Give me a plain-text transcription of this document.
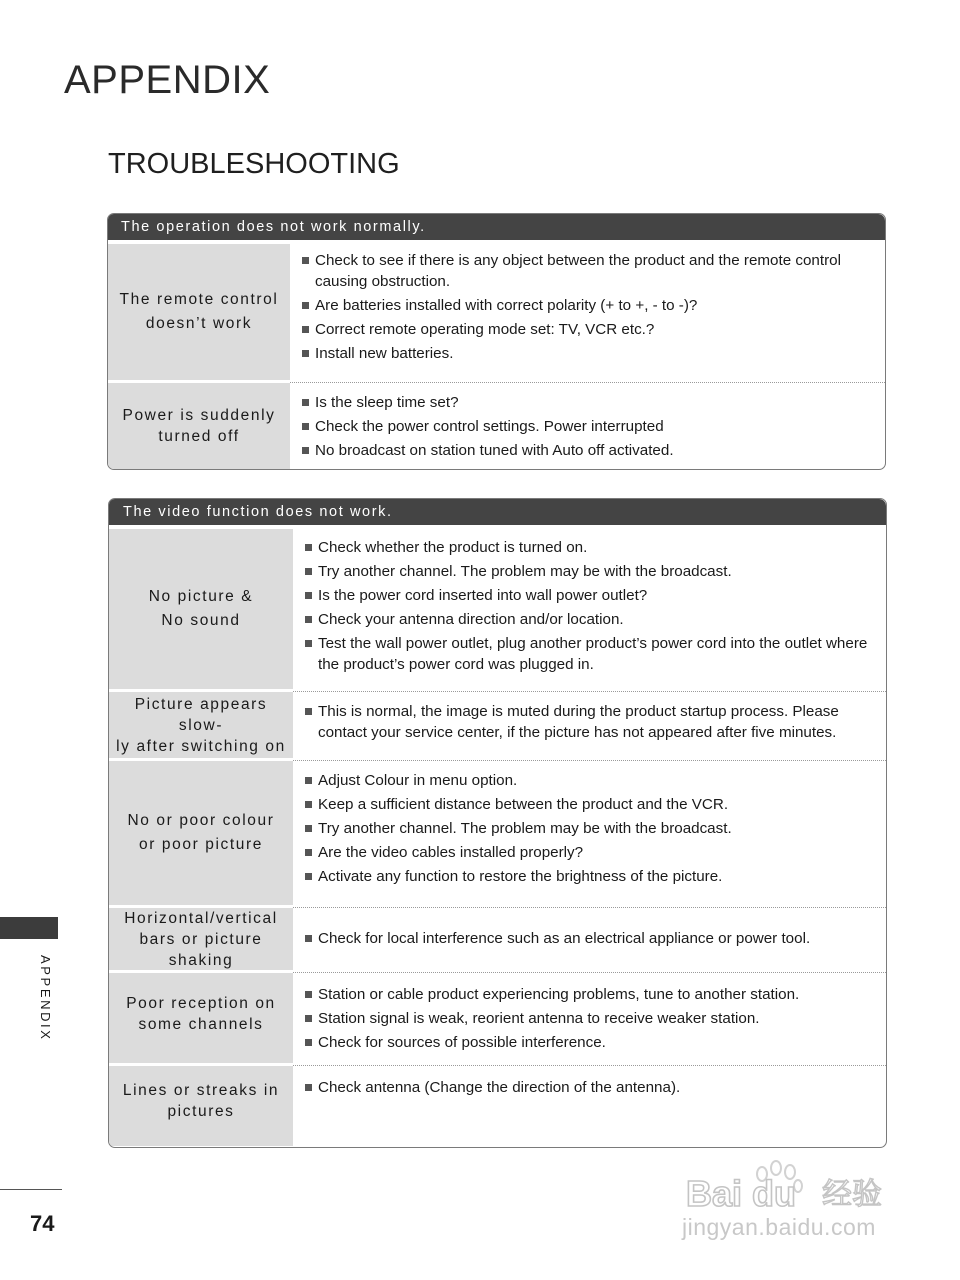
APPENDIX
TROUBLESHOOTING
The operation does not work normally.
The remote control
doesn’t work
Check to see if there is any object between the product and the remote control causing obstruction.
Are batteries installed with correct polarity (+ to +, - to -)?
Correct remote operating mode set: TV, VCR etc.?
Install new batteries.
Power is suddenly
turned off
Is the sleep time set?
Check the power control settings. Power interrupted
No broadcast on station tuned with Auto off activated.
The video function does not work.
No picture &
No sound
Check whether the product is turned on.
Try another channel. The problem may be with the broadcast.
Is the power cord inserted into wall power outlet?
Check your antenna direction and/or location.
Test the wall power outlet, plug another product’s power cord into the outlet where the product’s power cord was plugged in.
Picture appears slow-
ly after switching on
This is normal, the image is muted during the product startup process. Please contact your service center, if the picture has not appeared after five minutes.
No or poor colour
or poor picture
Adjust Colour in menu option.
Keep a sufficient distance between the product and the VCR.
Try another channel. The problem may be with the broadcast.
Are the video cables installed properly?
Activate any function to restore the brightness of the picture.
Horizontal/vertical
bars or picture shaking
Check for local interference such as an electrical appliance or power tool.
Poor reception on
some channels
Station or cable product experiencing problems, tune to another station.
Station signal is weak, reorient antenna to receive weaker station.
Check for sources of possible interference.
Lines or streaks in
pictures
Check antenna (Change the direction of the antenna).
APPENDIX
74
Bai du 经验
jingyan.baidu.com
